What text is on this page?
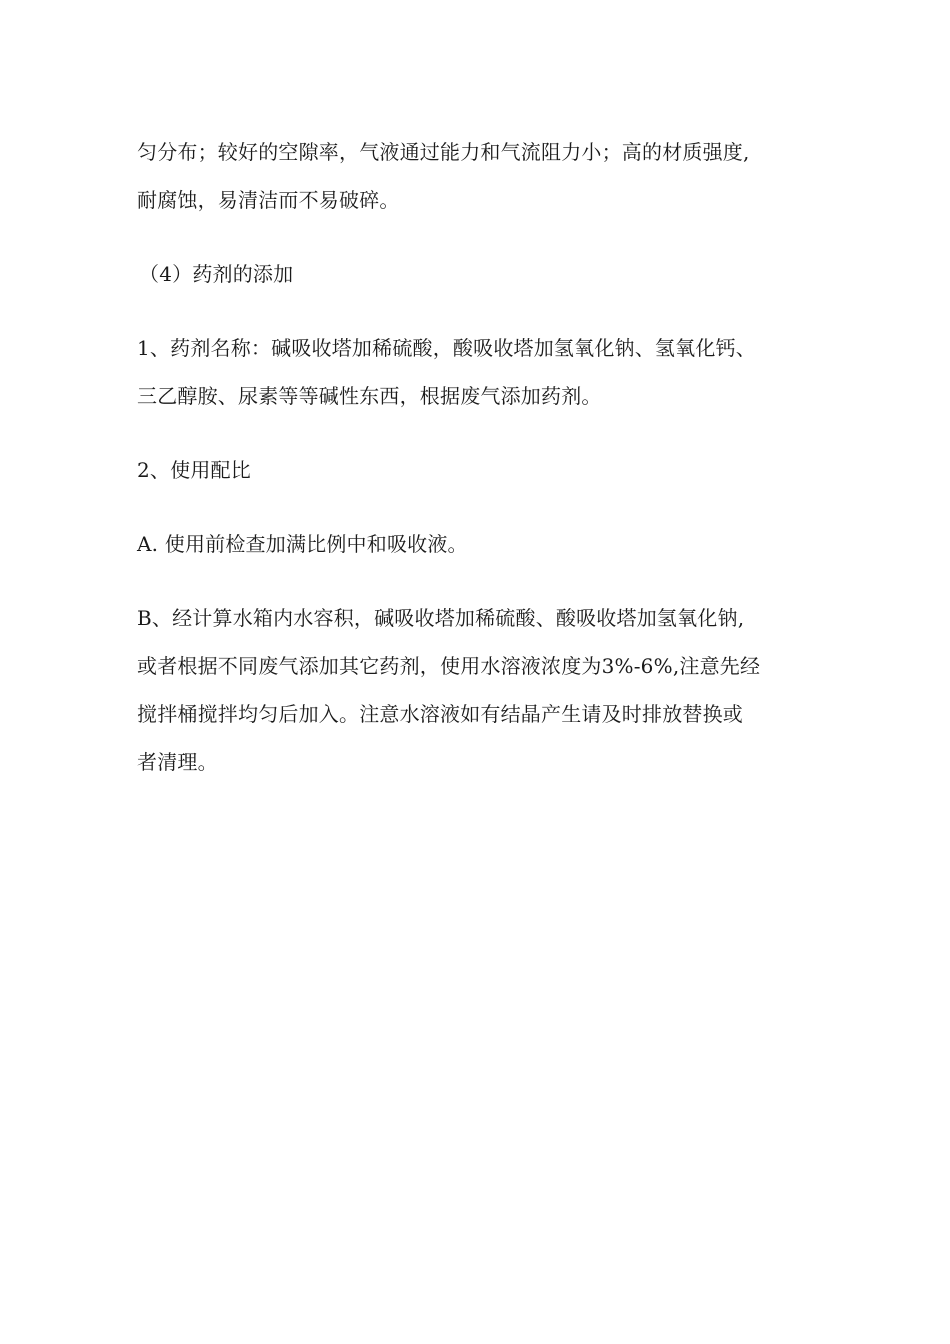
匀分布；较好的空隙率，气液通过能力和气流阻力小；高的材质强度,
耐腐蚀，易清洁而不易破碎。

（4）药剂的添加

1、药剂名称：碱吸收塔加稀硫酸，酸吸收塔加氢氧化钠、氢氧化钙、
三乙醇胺、尿素等等碱性东西，根据废气添加药剂。

2、使用配比

A. 使用前检查加满比例中和吸收液。

B、经计算水箱内水容积，碱吸收塔加稀硫酸、酸吸收塔加氢氧化钠,
或者根据不同废气添加其它药剂，使用水溶液浓度为3%-6%,注意先经
搅拌桶搅拌均匀后加入。注意水溶液如有结晶产生请及时排放替换或
者清理。
